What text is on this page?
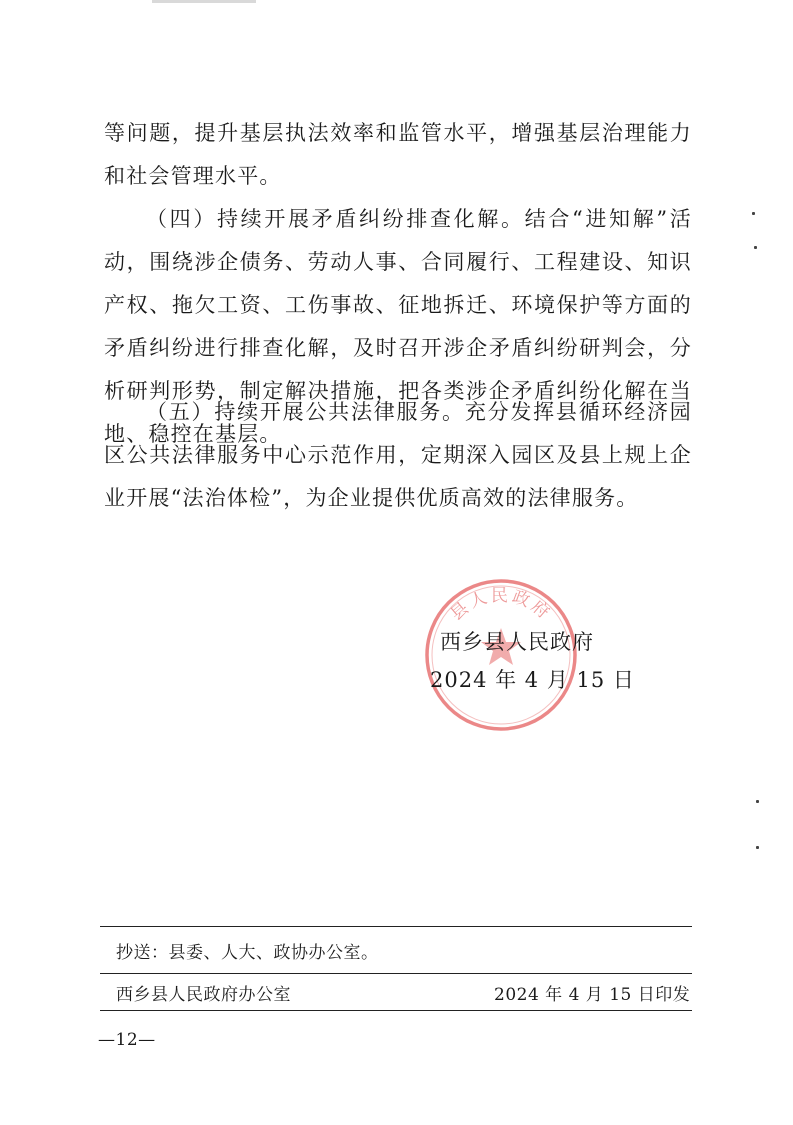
等问题，提升基层执法效率和监管水平，增强基层治理能力和社会管理水平。

（四）持续开展矛盾纠纷排查化解。结合“进知解”活动，围绕涉企债务、劳动人事、合同履行、工程建设、知识产权、拖欠工资、工伤事故、征地拆迁、环境保护等方面的矛盾纠纷进行排查化解，及时召开涉企矛盾纠纷研判会，分析研判形势，制定解决措施，把各类涉企矛盾纠纷化解在当地、稳控在基层。

（五）持续开展公共法律服务。充分发挥县循环经济园区公共法律服务中心示范作用，定期深入园区及县上规上企业开展“法治体检”，为企业提供优质高效的法律服务。

县人民政府
西乡县人民政府
2024 年 4 月 15 日
抄送：县委、人大、政协办公室。
西乡县人民政府办公室	2024 年 4 月 15 日印发
—12—
